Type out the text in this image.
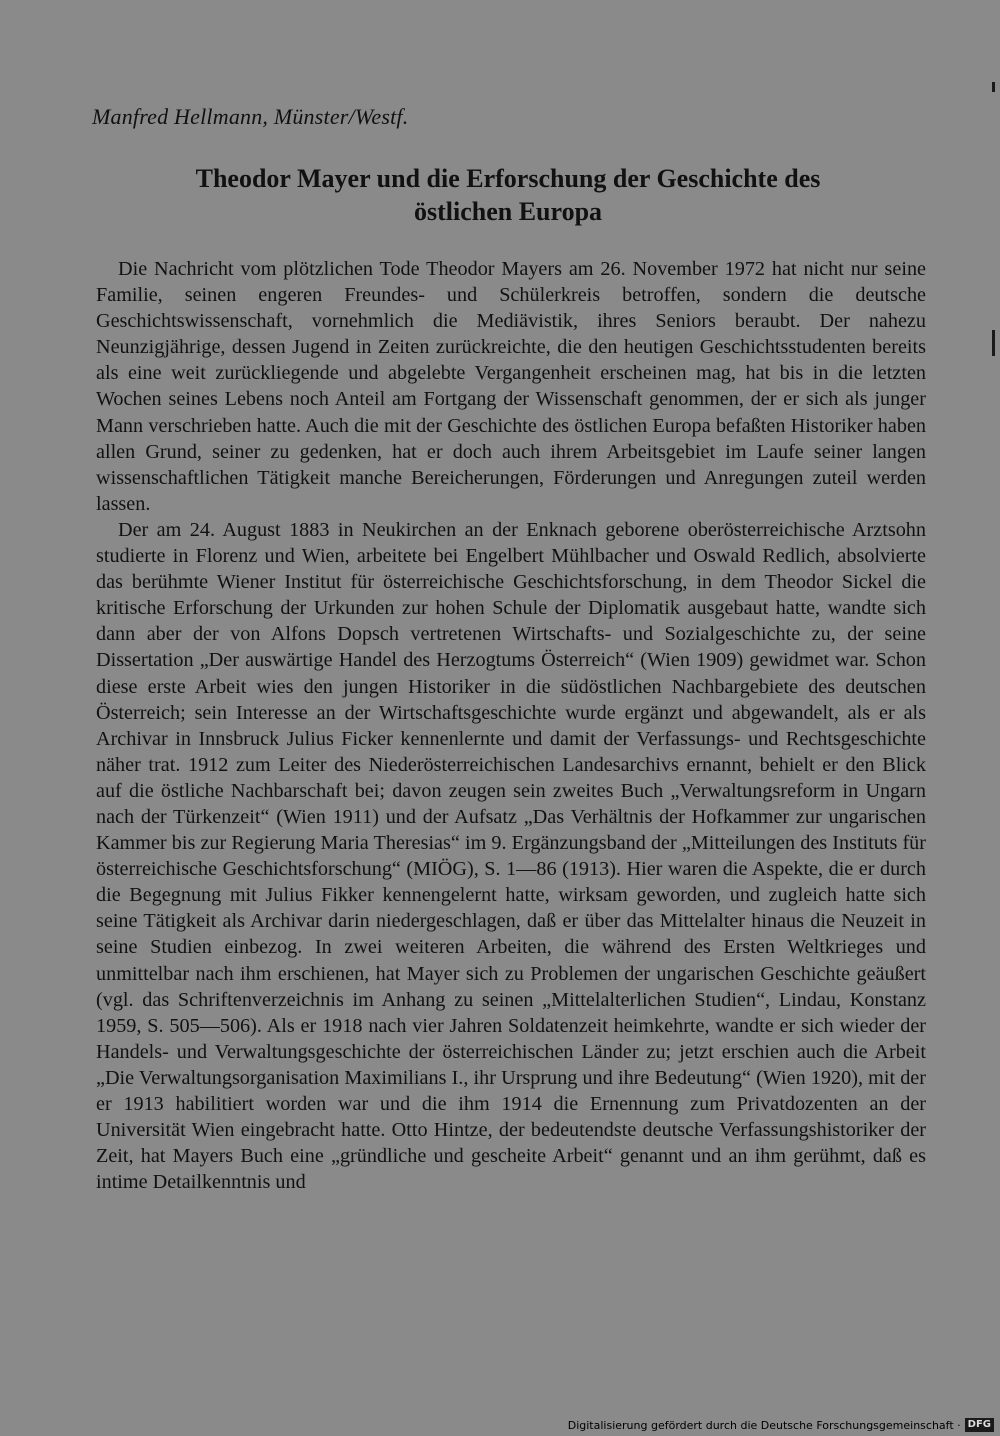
Manfred Hellmann, Münster/Westf.
Theodor Mayer und die Erforschung der Geschichte des
östlichen Europa

Die Nachricht vom plötzlichen Tode Theodor Mayers am 26. November 1972 hat nicht nur seine Familie, seinen engeren Freundes- und Schülerkreis betroffen, sondern die deutsche Geschichtswissenschaft, vornehmlich die Mediävistik, ihres Seniors beraubt. Der nahezu Neunzigjährige, dessen Jugend in Zeiten zurückreichte, die den heutigen Geschichtsstudenten bereits als eine weit zurückliegende und abgelebte Vergangenheit erscheinen mag, hat bis in die letzten Wochen seines Lebens noch Anteil am Fortgang der Wissenschaft genommen, der er sich als junger Mann verschrieben hatte. Auch die mit der Geschichte des östlichen Europa befaßten Historiker haben allen Grund, seiner zu gedenken, hat er doch auch ihrem Arbeitsgebiet im Laufe seiner langen wissenschaftlichen Tätigkeit manche Bereicherungen, Förderungen und Anregungen zuteil werden lassen.

Der am 24. August 1883 in Neukirchen an der Enknach geborene oberösterreichische Arztsohn studierte in Florenz und Wien, arbeitete bei Engelbert Mühlbacher und Oswald Redlich, absolvierte das berühmte Wiener Institut für österreichische Geschichtsforschung, in dem Theodor Sickel die kritische Erforschung der Urkunden zur hohen Schule der Diplomatik ausgebaut hatte, wandte sich dann aber der von Alfons Dopsch vertretenen Wirtschafts- und Sozialgeschichte zu, der seine Dissertation „Der auswärtige Handel des Herzogtums Österreich“ (Wien 1909) gewidmet war. Schon diese erste Arbeit wies den jungen Historiker in die südöstlichen Nachbargebiete des deutschen Österreich; sein Interesse an der Wirtschaftsgeschichte wurde ergänzt und abgewandelt, als er als Archivar in Innsbruck Julius Ficker kennenlernte und damit der Verfassungs- und Rechtsgeschichte näher trat. 1912 zum Leiter des Niederösterreichischen Landesarchivs ernannt, behielt er den Blick auf die östliche Nachbarschaft bei; davon zeugen sein zweites Buch „Verwaltungsreform in Ungarn nach der Türkenzeit“ (Wien 1911) und der Aufsatz „Das Verhältnis der Hofkammer zur ungarischen Kammer bis zur Regierung Maria Theresias“ im 9. Ergänzungsband der „Mitteilungen des Instituts für österreichische Geschichtsforschung“ (MIÖG), S. 1—86 (1913). Hier waren die Aspekte, die er durch die Begegnung mit Julius Fikker kennengelernt hatte, wirksam geworden, und zugleich hatte sich seine Tätigkeit als Archivar darin niedergeschlagen, daß er über das Mittelalter hinaus die Neuzeit in seine Studien einbezog. In zwei weiteren Arbeiten, die während des Ersten Weltkrieges und unmittelbar nach ihm erschienen, hat Mayer sich zu Problemen der ungarischen Geschichte geäußert (vgl. das Schriftenverzeichnis im Anhang zu seinen „Mittelalterlichen Studien“, Lindau, Konstanz 1959, S. 505—506). Als er 1918 nach vier Jahren Soldatenzeit heimkehrte, wandte er sich wieder der Handels- und Verwaltungsgeschichte der österreichischen Länder zu; jetzt erschien auch die Arbeit „Die Verwaltungsorganisation Maximilians I., ihr Ursprung und ihre Bedeutung“ (Wien 1920), mit der er 1913 habilitiert worden war und die ihm 1914 die Ernennung zum Privatdozenten an der Universität Wien eingebracht hatte. Otto Hintze, der bedeutendste deutsche Verfassungshistoriker der Zeit, hat Mayers Buch eine „gründliche und gescheite Arbeit“ genannt und an ihm gerühmt, daß es intime Detailkenntnis und

Digitalisierung gefördert durch die Deutsche Forschungsgemeinschaft · DFG
